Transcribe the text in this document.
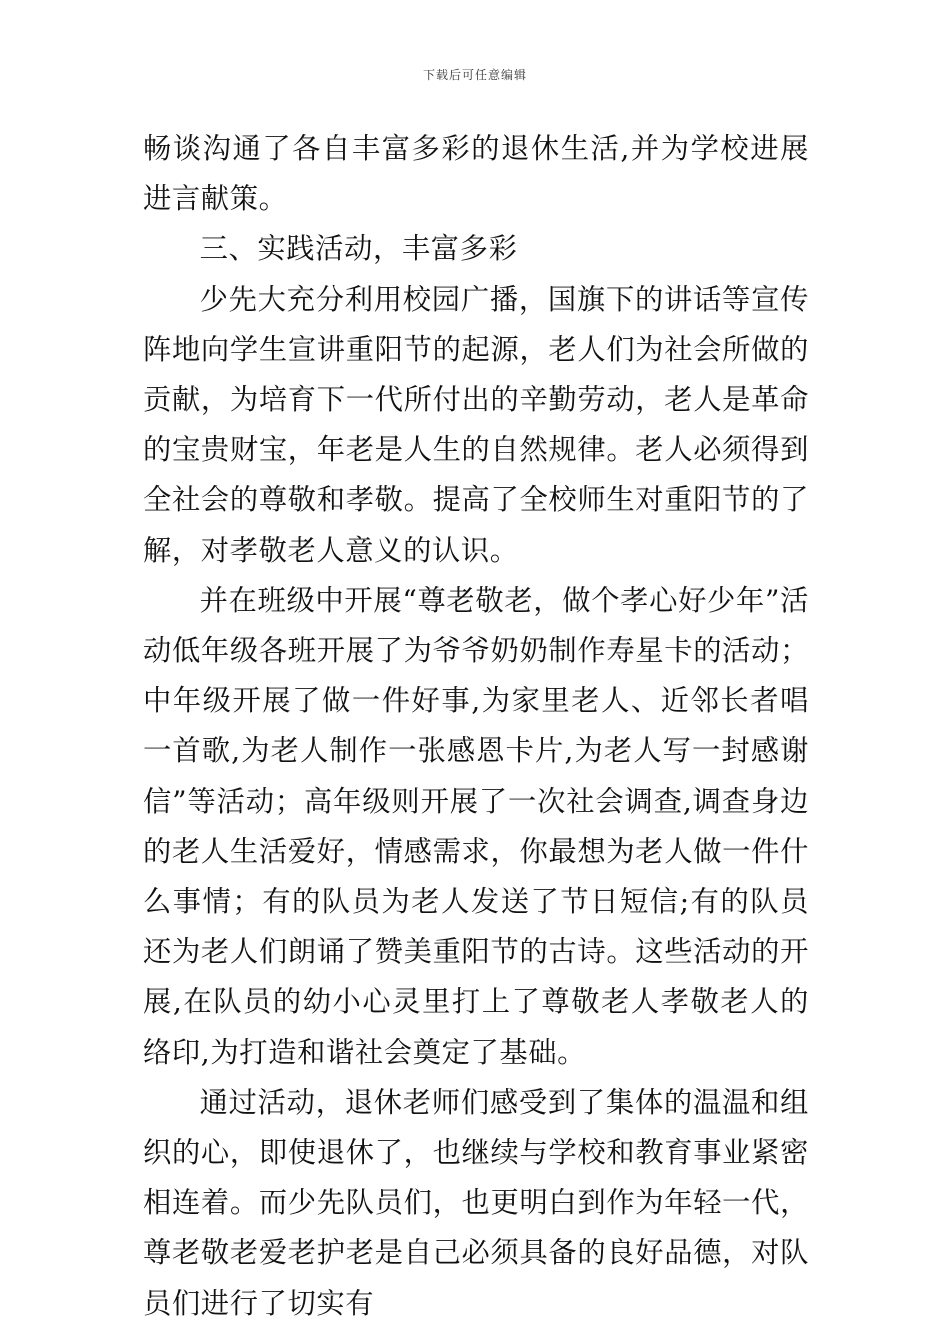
下载后可任意编辑

畅谈沟通了各自丰富多彩的退休生活,并为学校进展进言献策。

三、实践活动，丰富多彩

少先大充分利用校园广播，国旗下的讲话等宣传阵地向学生宣讲重阳节的起源，老人们为社会所做的贡献，为培育下一代所付出的辛勤劳动，老人是革命的宝贵财宝，年老是人生的自然规律。老人必须得到全社会的尊敬和孝敬。提高了全校师生对重阳节的了解，对孝敬老人意义的认识。

并在班级中开展“尊老敬老，做个孝心好少年”活动低年级各班开展了为爷爷奶奶制作寿星卡的活动；中年级开展了做一件好事,为家里老人、近邻长者唱一首歌,为老人制作一张感恩卡片,为老人写一封感谢信”等活动；高年级则开展了一次社会调查,调查身边的老人生活爱好，情感需求，你最想为老人做一件什么事情；有的队员为老人发送了节日短信;有的队员还为老人们朗诵了赞美重阳节的古诗。这些活动的开展,在队员的幼小心灵里打上了尊敬老人孝敬老人的络印,为打造和谐社会奠定了基础。

通过活动，退休老师们感受到了集体的温温和组织的心，即使退休了，也继续与学校和教育事业紧密相连着。而少先队员们，也更明白到作为年轻一代，尊老敬老爱老护老是自己必须具备的良好品德，对队员们进行了切实有
